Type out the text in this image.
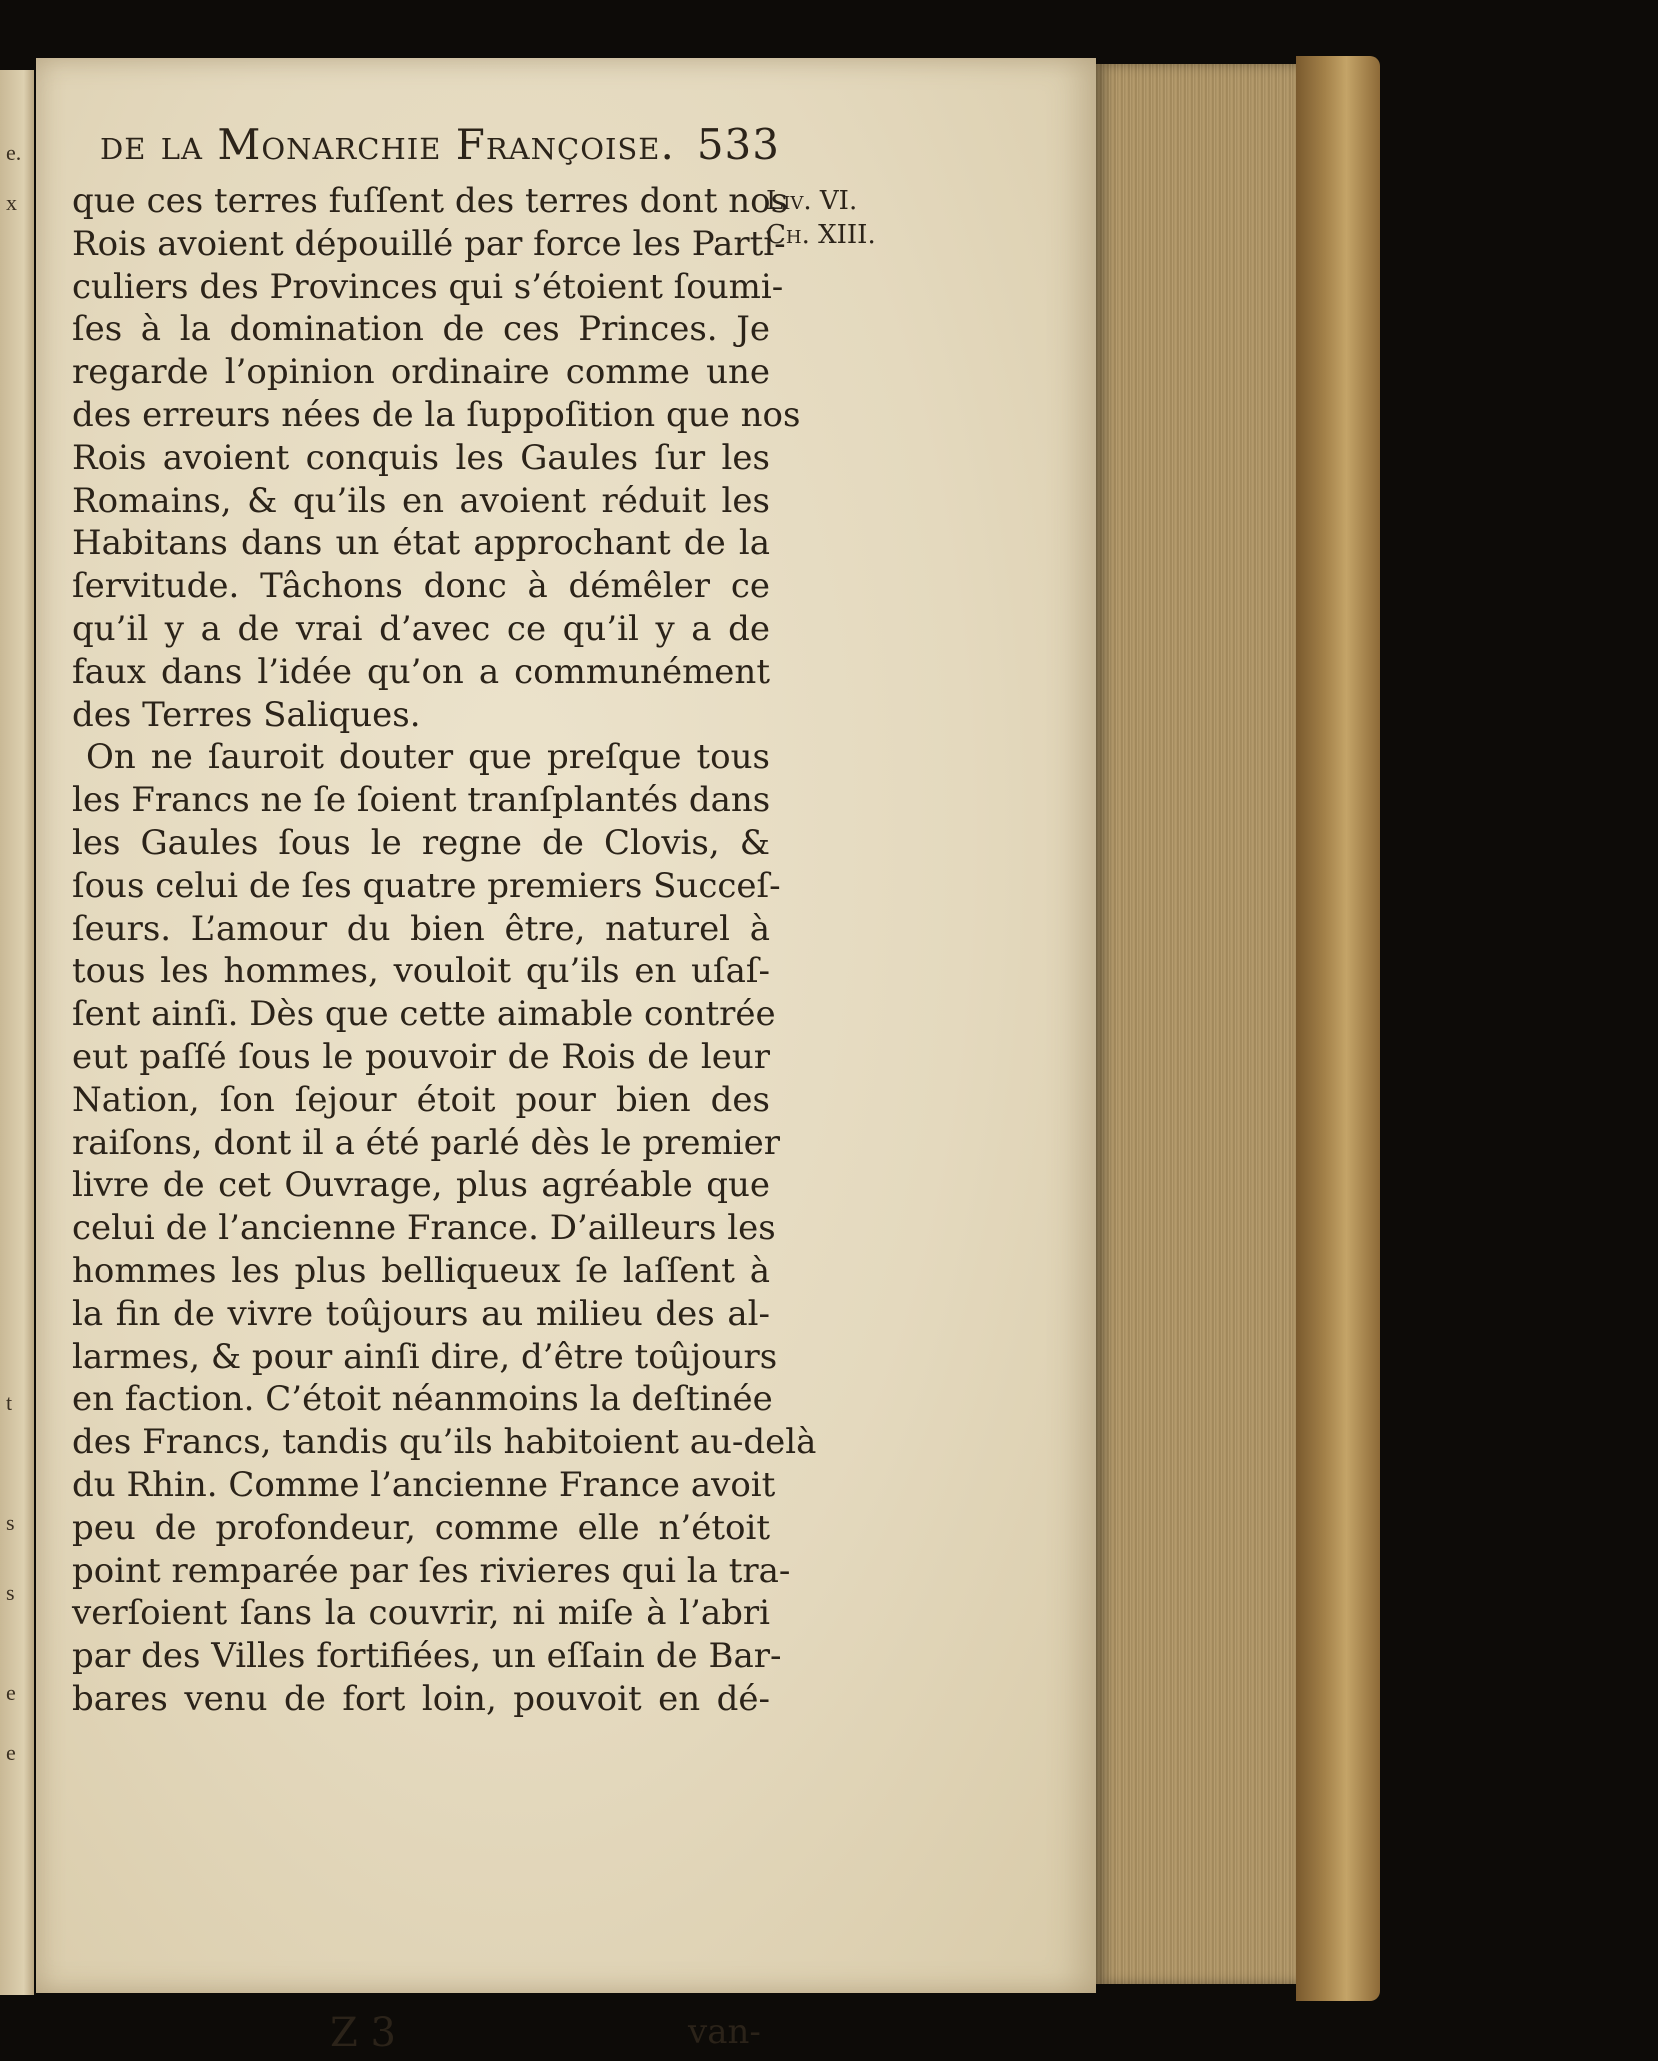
e.
x
t
s
s
e
e
de la Monarchie Françoise. 533
Liv. VI.
Ch. XIII.
que ces terres fuſſent des terres dont nos
Rois avoient dépouillé par force les Parti-
culiers des Provinces qui s’étoient ſoumi-
ſes à la domination de ces Princes. Je
regarde l’opinion ordinaire comme une
des erreurs nées de la ſuppoſition que nos
Rois avoient conquis les Gaules ſur les
Romains, & qu’ils en avoient réduit les
Habitans dans un état approchant de la
ſervitude. Tâchons donc à démêler ce
qu’il y a de vrai d’avec ce qu’il y a de
faux dans l’idée qu’on a communément
des Terres Saliques.
On ne ſauroit douter que preſque tous
les Francs ne ſe ſoient tranſplantés dans
les Gaules ſous le regne de Clovis, &
ſous celui de ſes quatre premiers Succeſ-
ſeurs. L’amour du bien être, naturel à
tous les hommes, vouloit qu’ils en uſaſ-
ſent ainſi. Dès que cette aimable contrée
eut paſſé ſous le pouvoir de Rois de leur
Nation, ſon ſejour étoit pour bien des
raiſons, dont il a été parlé dès le premier
livre de cet Ouvrage, plus agréable que
celui de l’ancienne France. D’ailleurs les
hommes les plus belliqueux ſe laſſent à
la fin de vivre toûjours au milieu des al-
larmes, & pour ainſi dire, d’être toûjours
en faction. C’étoit néanmoins la deſtinée
des Francs, tandis qu’ils habitoient au-delà
du Rhin. Comme l’ancienne France avoit
peu de profondeur, comme elle n’étoit
point remparée par ſes rivieres qui la tra-
verſoient ſans la couvrir, ni miſe à l’abri
par des Villes fortifiées, un eſſain de Bar-
bares venu de fort loin, pouvoit en dé-
Z 3	van-
